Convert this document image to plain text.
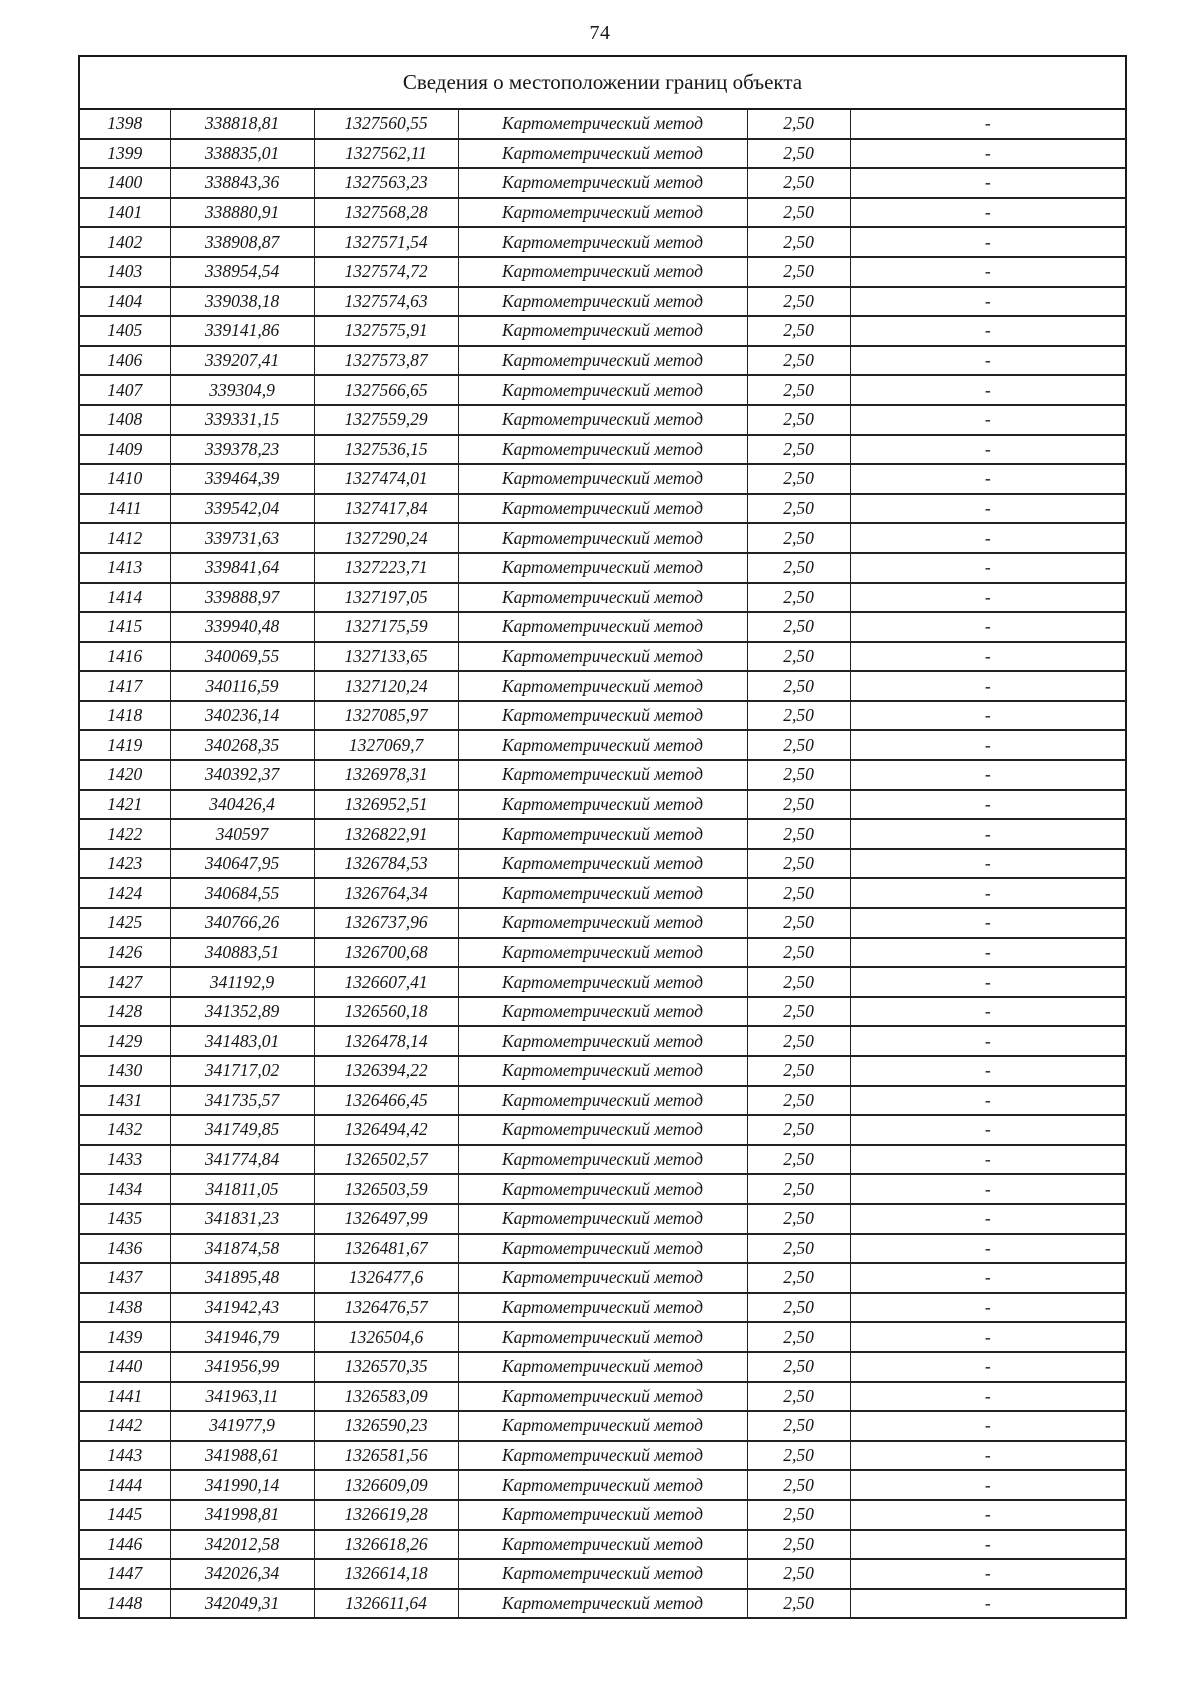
74
Сведения о местоположении границ объекта					
1398	338818,81	1327560,55	Картометрический метод	2,50	-
1399	338835,01	1327562,11	Картометрический метод	2,50	-
1400	338843,36	1327563,23	Картометрический метод	2,50	-
1401	338880,91	1327568,28	Картометрический метод	2,50	-
1402	338908,87	1327571,54	Картометрический метод	2,50	-
1403	338954,54	1327574,72	Картометрический метод	2,50	-
1404	339038,18	1327574,63	Картометрический метод	2,50	-
1405	339141,86	1327575,91	Картометрический метод	2,50	-
1406	339207,41	1327573,87	Картометрический метод	2,50	-
1407	339304,9	1327566,65	Картометрический метод	2,50	-
1408	339331,15	1327559,29	Картометрический метод	2,50	-
1409	339378,23	1327536,15	Картометрический метод	2,50	-
1410	339464,39	1327474,01	Картометрический метод	2,50	-
1411	339542,04	1327417,84	Картометрический метод	2,50	-
1412	339731,63	1327290,24	Картометрический метод	2,50	-
1413	339841,64	1327223,71	Картометрический метод	2,50	-
1414	339888,97	1327197,05	Картометрический метод	2,50	-
1415	339940,48	1327175,59	Картометрический метод	2,50	-
1416	340069,55	1327133,65	Картометрический метод	2,50	-
1417	340116,59	1327120,24	Картометрический метод	2,50	-
1418	340236,14	1327085,97	Картометрический метод	2,50	-
1419	340268,35	1327069,7	Картометрический метод	2,50	-
1420	340392,37	1326978,31	Картометрический метод	2,50	-
1421	340426,4	1326952,51	Картометрический метод	2,50	-
1422	340597	1326822,91	Картометрический метод	2,50	-
1423	340647,95	1326784,53	Картометрический метод	2,50	-
1424	340684,55	1326764,34	Картометрический метод	2,50	-
1425	340766,26	1326737,96	Картометрический метод	2,50	-
1426	340883,51	1326700,68	Картометрический метод	2,50	-
1427	341192,9	1326607,41	Картометрический метод	2,50	-
1428	341352,89	1326560,18	Картометрический метод	2,50	-
1429	341483,01	1326478,14	Картометрический метод	2,50	-
1430	341717,02	1326394,22	Картометрический метод	2,50	-
1431	341735,57	1326466,45	Картометрический метод	2,50	-
1432	341749,85	1326494,42	Картометрический метод	2,50	-
1433	341774,84	1326502,57	Картометрический метод	2,50	-
1434	341811,05	1326503,59	Картометрический метод	2,50	-
1435	341831,23	1326497,99	Картометрический метод	2,50	-
1436	341874,58	1326481,67	Картометрический метод	2,50	-
1437	341895,48	1326477,6	Картометрический метод	2,50	-
1438	341942,43	1326476,57	Картометрический метод	2,50	-
1439	341946,79	1326504,6	Картометрический метод	2,50	-
1440	341956,99	1326570,35	Картометрический метод	2,50	-
1441	341963,11	1326583,09	Картометрический метод	2,50	-
1442	341977,9	1326590,23	Картометрический метод	2,50	-
1443	341988,61	1326581,56	Картометрический метод	2,50	-
1444	341990,14	1326609,09	Картометрический метод	2,50	-
1445	341998,81	1326619,28	Картометрический метод	2,50	-
1446	342012,58	1326618,26	Картометрический метод	2,50	-
1447	342026,34	1326614,18	Картометрический метод	2,50	-
1448	342049,31	1326611,64	Картометрический метод	2,50	-
